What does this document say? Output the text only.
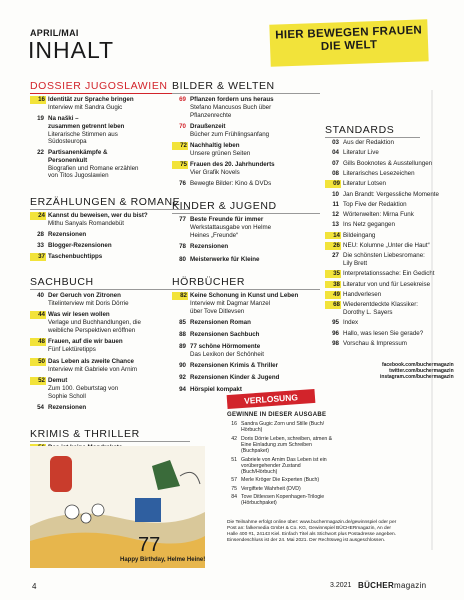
APRIL/MAI
INHALT
HIER BEWEGEN FRAUEN DIE WELT
DOSSIER JUGOSLAWIEN
16 Identität zur Sprache bringen
Interview mit Sandra Gugic
19 Na naški –
zusammen getrennt leben
Literarische Stimmen aus
Südosteuropa
22 Partisanenkämpfe &
Personenkult
Biografien und Romane erzählen
von Titos Jugoslawien
ERZÄHLUNGEN & ROMANE
24 Kannst du beweisen, wer du bist?
Mithu Sanyals Romandebüt
28 Rezensionen
33 Blogger-Rezensionen
37 Taschenbuchtipps
SACHBUCH
40 Der Geruch von Zitronen
Titelinterview mit Doris Dörrie
44 Was wir lesen wollen
Verlage und Buchhandlungen, die
weibliche Perspektiven eröffnen
48 Frauen, auf die wir bauen
Fünf Lektüretipps
50 Das Leben als zweite Chance
Interview mit Gabriele von Arnim
52 Demut
Zum 100. Geburtstag von
Sophie Scholl
54 Rezensionen
KRIMIS & THRILLER

77
Happy Birthday, Helme Heine!
BILDER & WELTEN
69 Pflanzen fordern uns heraus
Stefano Mancusos Buch über
Pflanzenrechte
70 Draußenzeit
Bücher zum Frühlingsanfang
72 Nachhaltig leben
Unsere grünen Seiten
75 Frauen des 20. Jahrhunderts
Vier Grafik Novels
76 Bewegte Bilder: Kino & DVDs
KINDER & JUGEND
77 Beste Freunde für immer
Werkstattausgabe von Helme
Heines „Freunde“
78 Rezensionen
80 Meisterwerke für Kleine
HÖRBÜCHER
82 Keine Schonung in Kunst und Leben
Interview mit Dagmar Manzel
über Tove Ditlevsen
85 Rezensionen Roman
88 Rezensionen Sachbuch
89 77 schöne Hörmomente
Das Lexikon der Schönheit
90 Rezensionen Krimis & Thriller
92 Rezensionen Kinder & Jugend
94 Hörspiel kompakt
STANDARDS
03 Aus der Redaktion
04 Literatur Live
07 Gills Booknotes & Ausstellungen
08 Literarisches Lesezeichen
09 Literatur Lotsen
10 Jan Brandt: Vergessliche Momente
11 Top Five der Redaktion
12 Wörterwelten: Mirna Funk
13 Ins Netz gegangen
14 Bildeingang
26 NEU: Kolumne „Unter die Haut“
27 Die schönsten Liebesromane:
Lily Brett
35 Interpretationssache: Ein Gedicht
38 Literatur von und für Lesekreise
49 Handverlesen
68 Wiederentdeckte Klassiker:
Dorothy L. Sayers
95 Index
96 Hallo, was lesen Sie gerade?
98 Vorschau & Impressum
facebook.com/buchermagazin
twitter.com/buchermagazin
instagram.com/buchermagazin
VERLOSUNG
GEWINNE IN DIESER AUSGABE
16 Sandra Gugic Zorn und Stille (Buch/
Hörbuch)
42 Doris Dörrie Leben, schreiben, atmen &
Eine Einladung zum Schreiben
(Buchpaket)
51 Gabriele von Arnim Das Leben ist ein
vorübergehender Zustand
(Buch/Hörbuch)
57 Merle Kröger Die Experten (Buch)
75 Vergiftete Wahrheit (DVD)
84 Tove Ditlevsen Kopenhagen-Trilogie
(Hörbuchpaket)
Die Teilnahme erfolgt online über: www.buchermagazin.de/gewinnspiel oder per Post an: falkemedia GmbH & Co. KG, Gewinnspiel BÜCHERmagazin, An der Halle 400 #1, 24143 Kiel. Einfach Titel als Stichwort plus Postadresse angeben. Einsendeschluss ist der 24. Mai 2021. Der Rechtsweg ist ausgeschlossen.
4	3.2021 BÜCHERmagazin
